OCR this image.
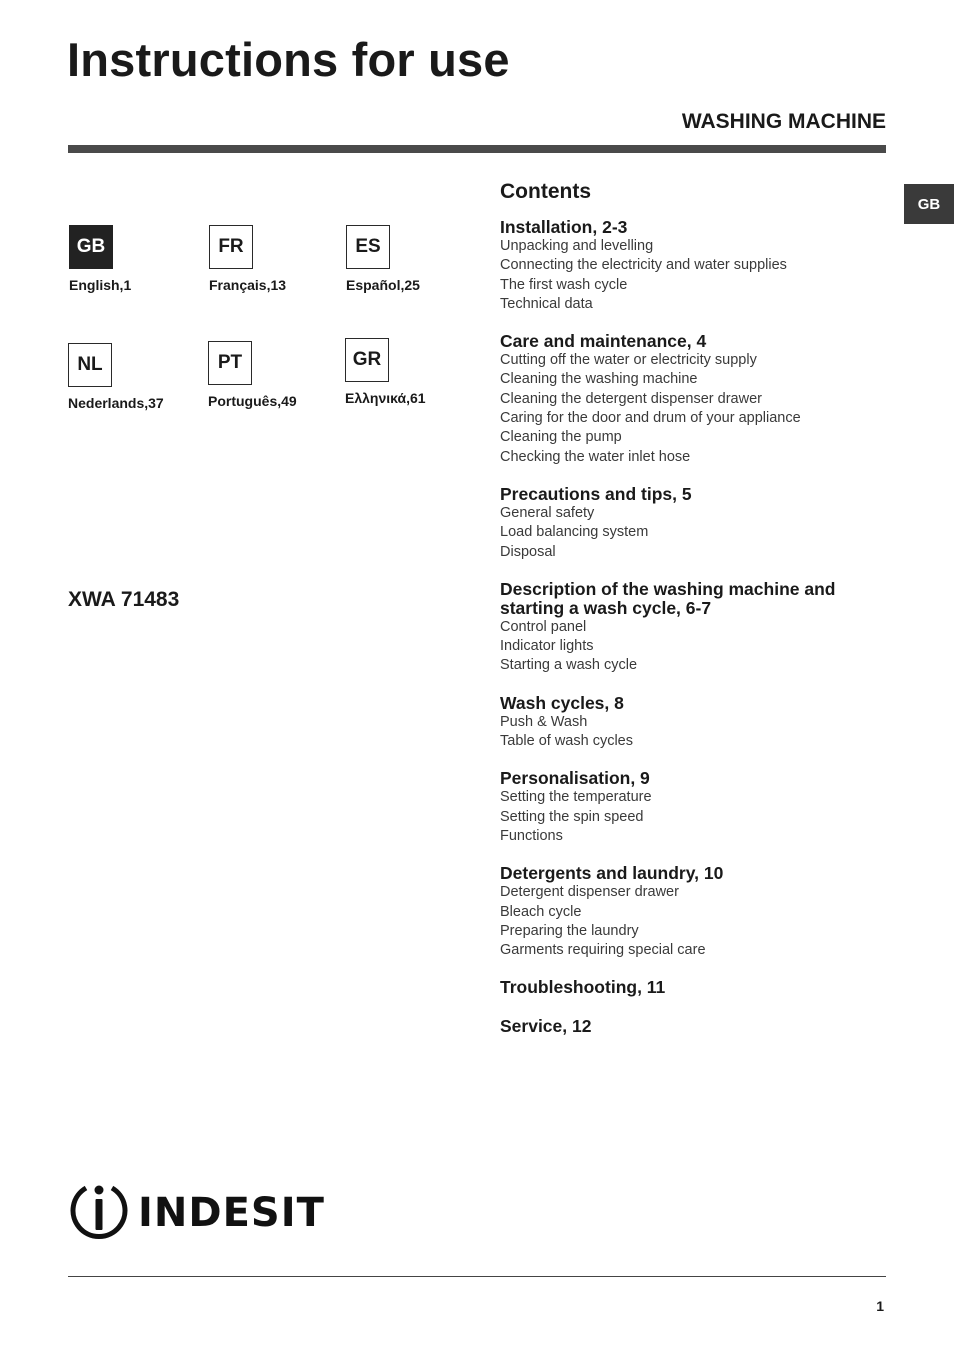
Instructions for use
WASHING MACHINE
GB
GB
English,1
FR
Français,13
ES
Español,25
NL
Nederlands,37
PT
Português,49
GR
Ελληνικά,61
XWA 71483
Contents
Installation, 2-3
Unpacking and levelling
Connecting the electricity and water supplies
The first wash cycle
Technical data
Care and maintenance, 4
Cutting off the water or electricity supply
Cleaning the washing machine
Cleaning the detergent dispenser drawer
Caring for the door and drum of your appliance
Cleaning the pump
Checking the water inlet hose
Precautions and tips, 5
General safety
Load balancing system
Disposal
Description of the washing machine and starting a wash cycle, 6-7
Control panel
Indicator lights
Starting a wash cycle
Wash cycles, 8
Push & Wash
Table of wash cycles
Personalisation, 9
Setting the temperature
Setting the spin speed
Functions
Detergents and laundry, 10
Detergent dispenser drawer
Bleach cycle
Preparing the laundry
Garments requiring special care
Troubleshooting, 11
Service, 12
INDESIT
1
